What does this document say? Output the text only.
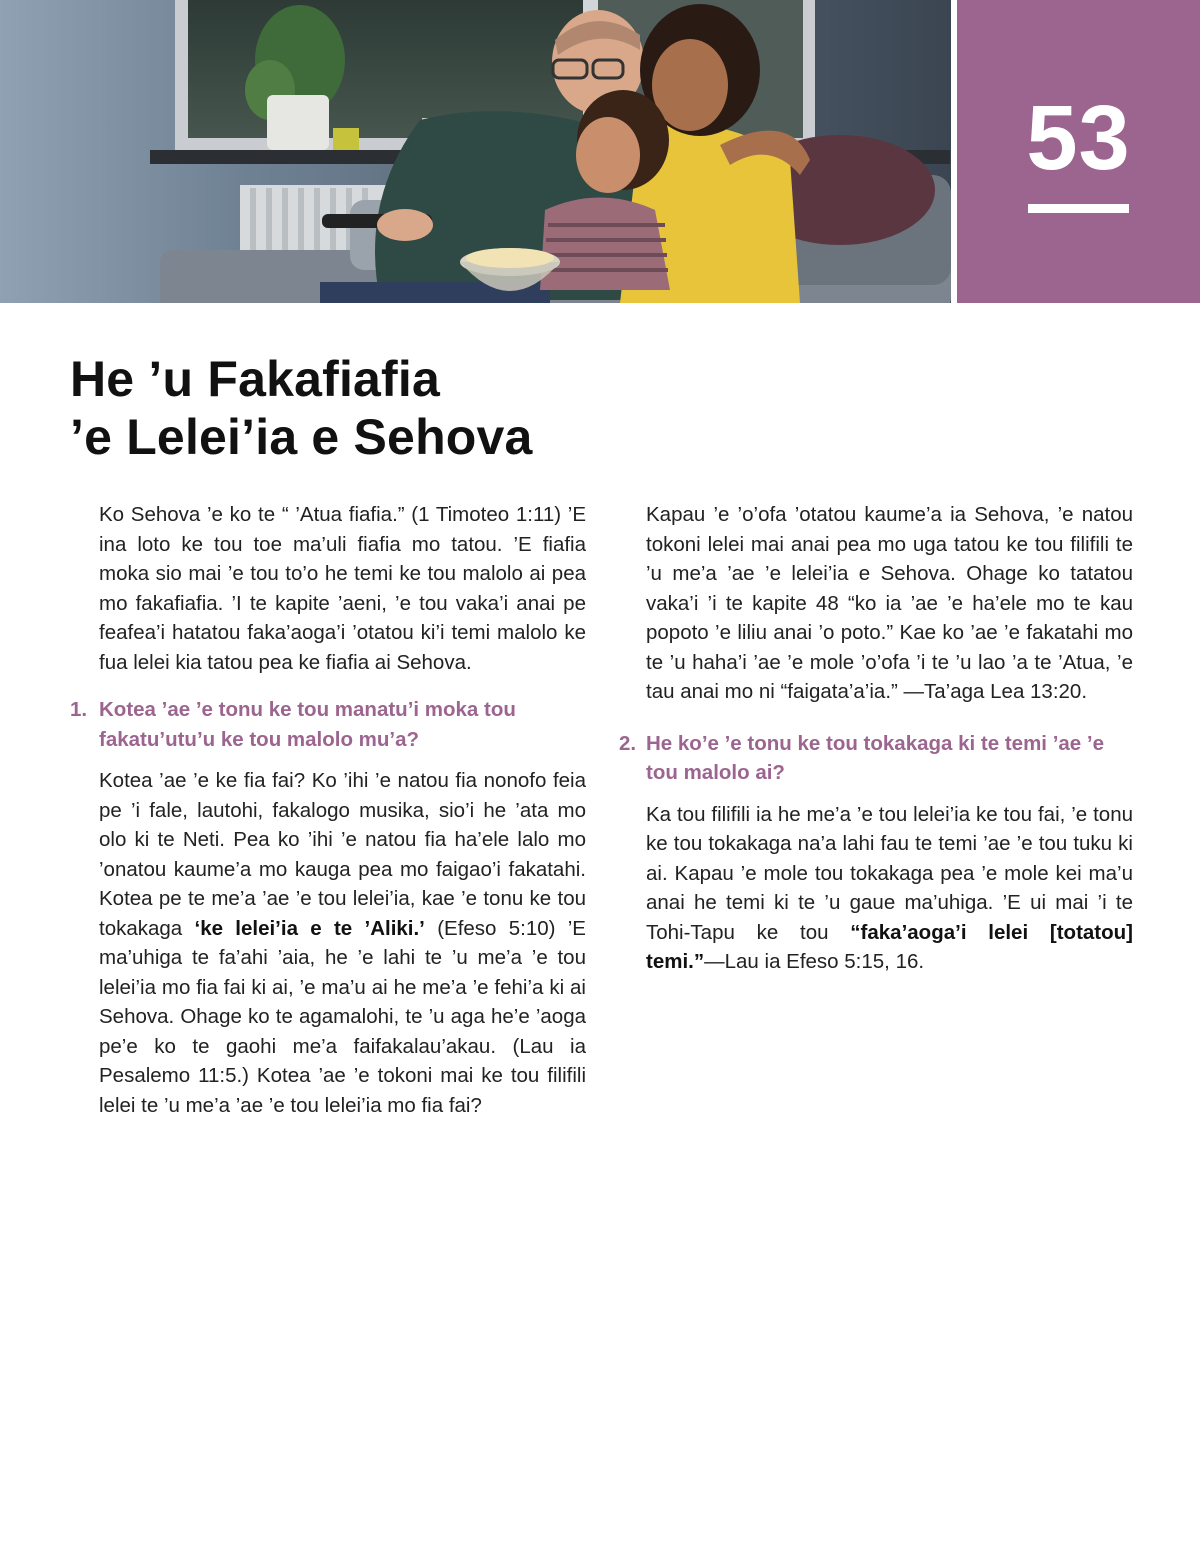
53
He ’u Fakafiafia
’e Lelei’ia e Sehova

Ko Sehova ’e ko te “ ’Atua fiafia.” (1 Timoteo 1:11) ’E ina loto ke tou toe ma’uli fiafia mo tatou. ’E fiafia moka sio mai ’e tou to’o he temi ke tou malolo ai pea mo fakafiafia. ’I te kapite ’aeni, ’e tou vaka’i anai pe feafea’i hatatou faka’aoga’i ’otatou ki’i temi malolo ke fua lelei kia tatou pea ke fiafia ai Sehova.

1. Kotea ’ae ’e tonu ke tou manatu’i moka tou fakatu’utu’u ke tou malolo mu’a?

Kotea ’ae ’e ke fia fai? Ko ’ihi ’e natou fia nonofo feia pe ’i fale, lautohi, fakalogo musika, sio’i he ’ata mo olo ki te Neti. Pea ko ’ihi ’e natou fia ha’ele lalo mo ’onatou kaume’a mo kauga pea mo faigao’i fakatahi. Kotea pe te me’a ’ae ’e tou lelei’ia, kae ’e tonu ke tou tokakaga ‘ke lelei’ia e te ’Aliki.’ (Efeso 5:10) ’E ma’uhiga te fa’ahi ’aia, he ’e lahi te ’u me’a ’e tou lelei’ia mo fia fai ki ai, ’e ma’u ai he me’a ’e fehi’a ki ai Sehova. Ohage ko te agamalohi, te ’u aga he’e ’aoga pe’e ko te gaohi me’a faifakalau’akau. (Lau ia Pesalemo 11:5.) Kotea ’ae ’e tokoni mai ke tou filifili lelei te ’u me’a ’ae ’e tou lelei’ia mo fia fai?

Kapau ’e ’o’ofa ’otatou kaume’a ia Sehova, ’e natou tokoni lelei mai anai pea mo uga tatou ke tou filifili te ’u me’a ’ae ’e lelei’ia e Sehova. Ohage ko tatatou vaka’i ’i te kapite 48 “ko ia ’ae ’e ha’ele mo te kau popoto ’e liliu anai ’o poto.” Kae ko ’ae ’e fakatahi mo te ’u haha’i ’ae ’e mole ’o’ofa ’i te ’u lao ’a te ’Atua, ’e tau anai mo ni “faigata’a’ia.” —Ta’aga Lea 13:20.

2. He ko’e ’e tonu ke tou tokakaga ki te temi ’ae ’e tou malolo ai?

Ka tou filifili ia he me’a ’e tou lelei’ia ke tou fai, ’e tonu ke tou tokakaga na’a lahi fau te temi ’ae ’e tou tuku ki ai. Kapau ’e mole tou tokakaga pea ’e mole kei ma’u anai he temi ki te ’u gaue ma’uhiga. ’E ui mai ’i te Tohi-Tapu ke tou “faka’aoga’i lelei [totatou] temi.”—Lau ia Efeso 5:15, 16.
